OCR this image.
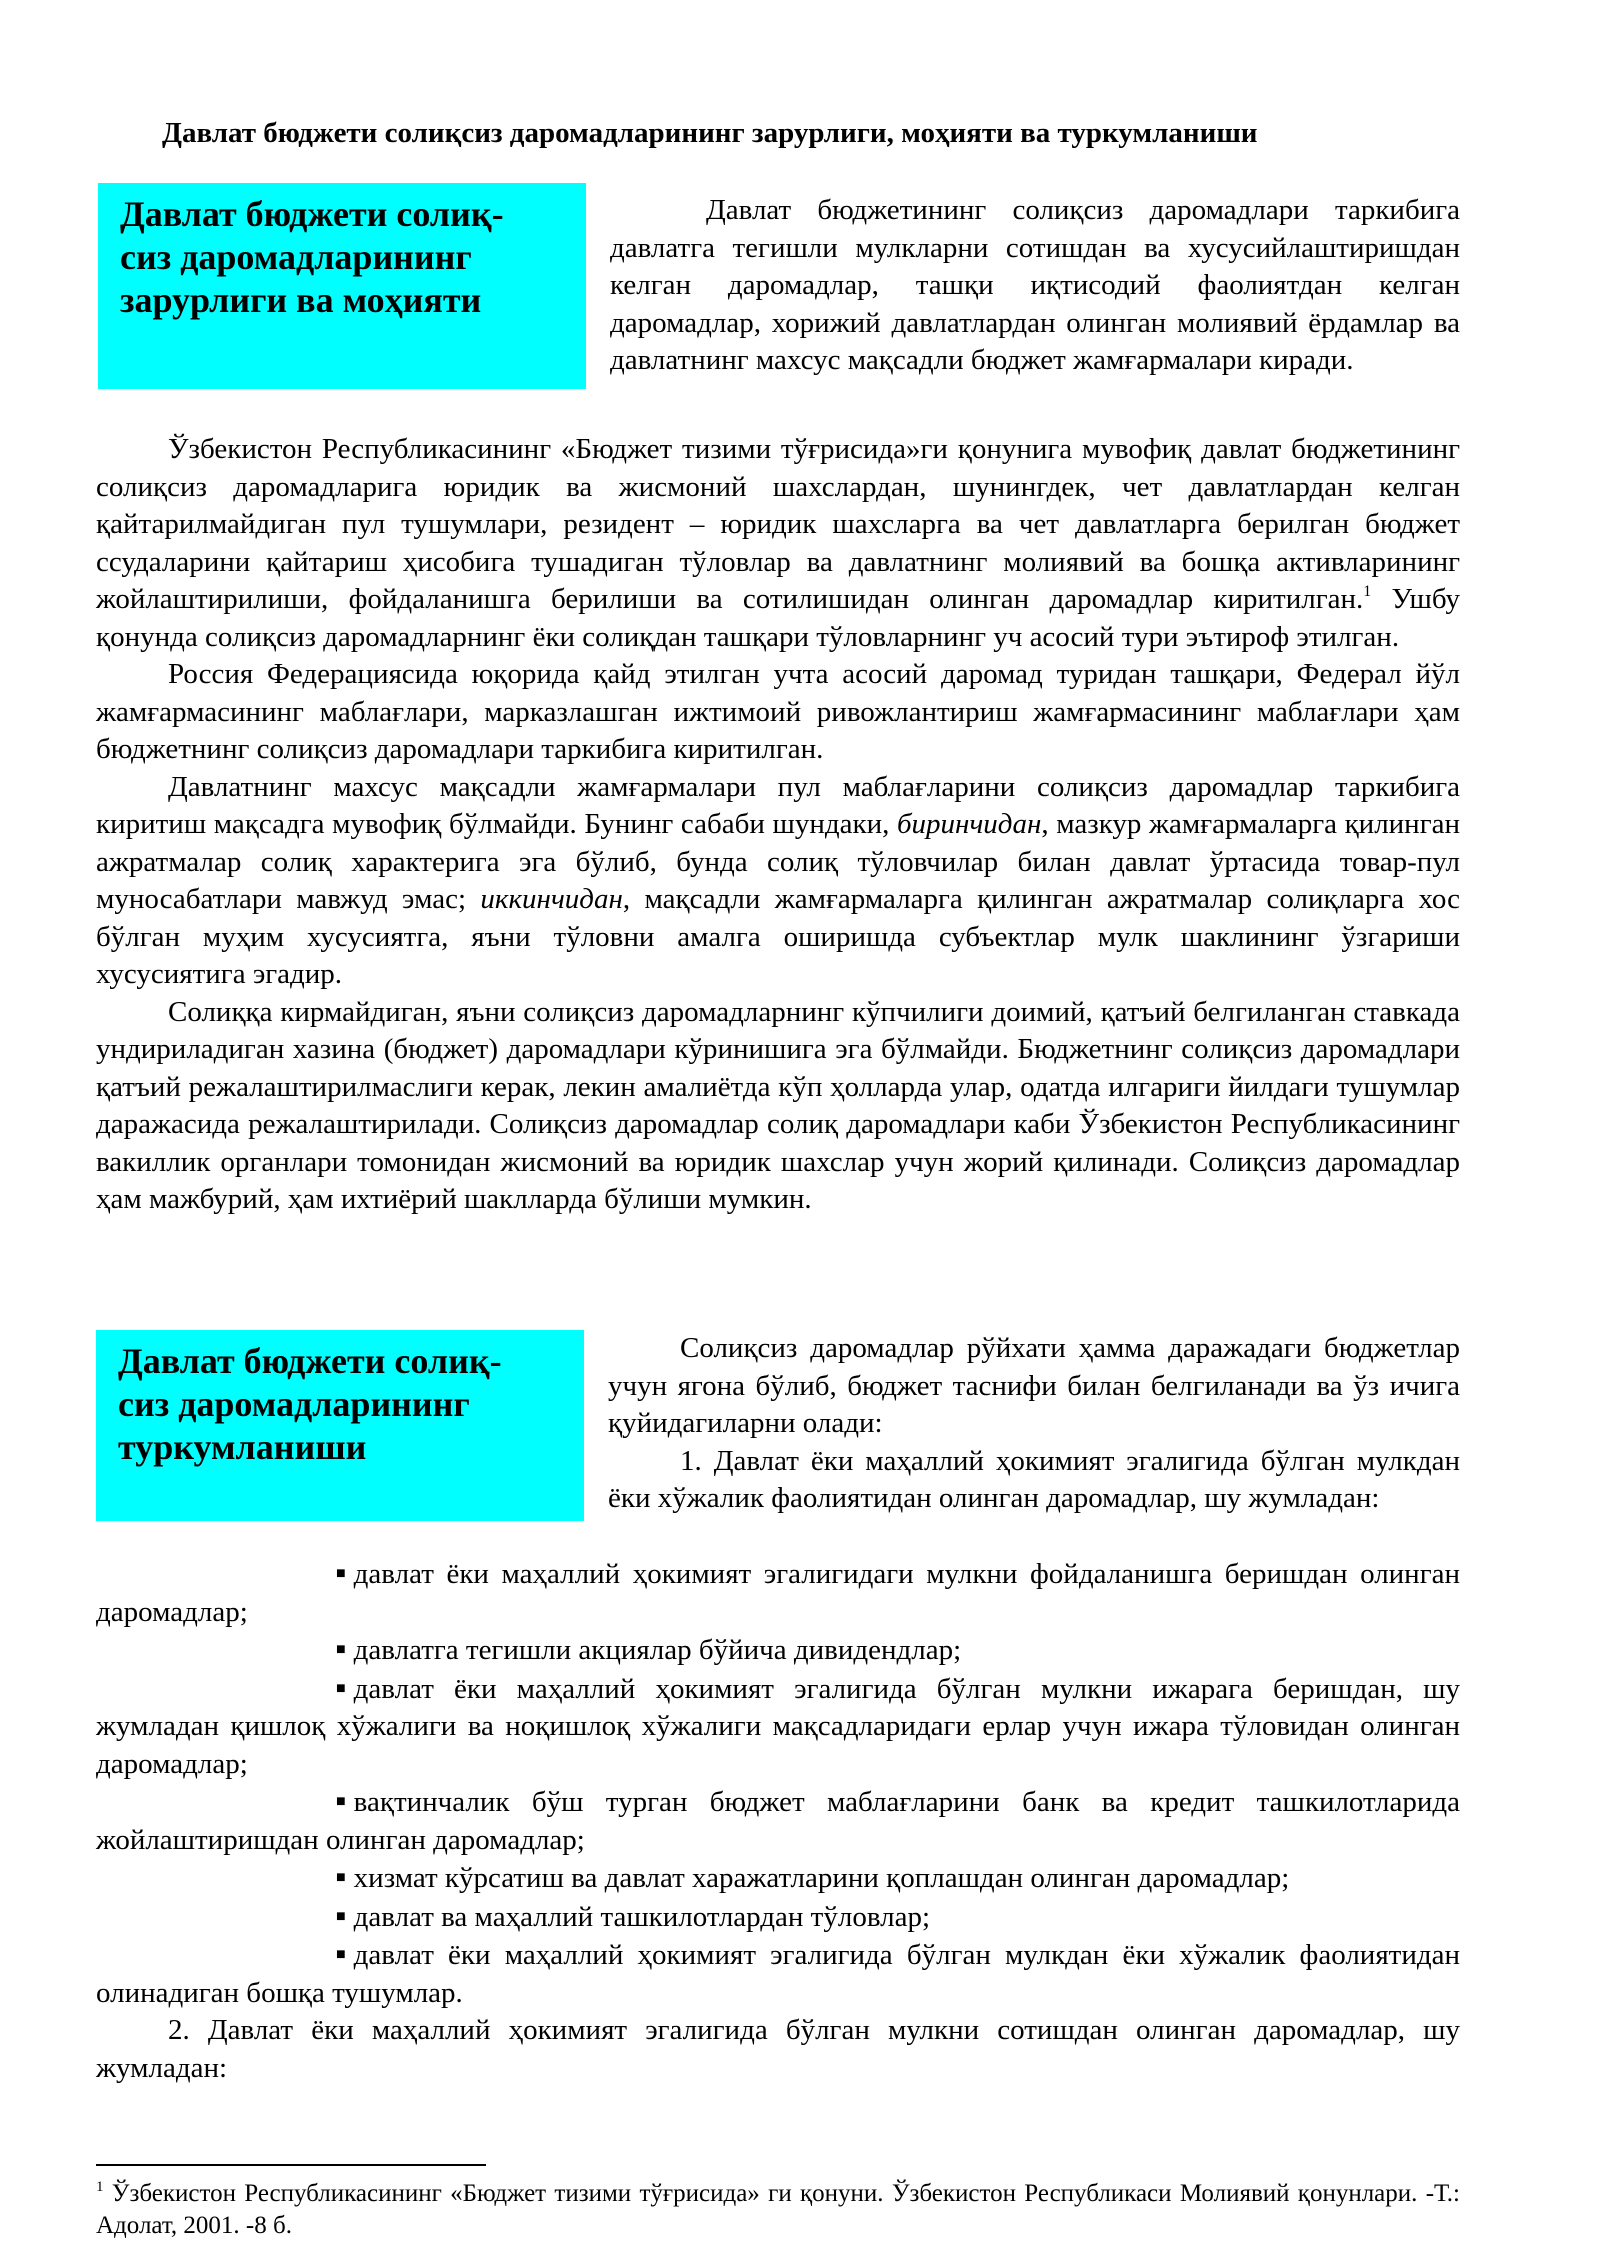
Давлат бюджети солиқсиз даромадларининг зарурлиги, моҳияти ва туркумланиши
Давлат бюджети солиқ-
сиз даромадларининг
зарурлиги ва моҳияти

Давлат бюджетининг солиқсиз даромадлари таркибига давлатга тегишли мулкларни сотишдан ва хусусийлаштиришдан келган даромадлар, ташқи иқтисодий фаолиятдан келган даромадлар, хорижий давлатлардан олинган молиявий ёрдамлар ва давлатнинг махсус мақсадли бюджет жамғармалари киради.

Ўзбекистон Республикасининг «Бюджет тизими тўғрисида»ги қонунига мувофиқ давлат бюджетининг солиқсиз даромадларига юридик ва жисмоний шахслардан, шунингдек, чет давлатлардан келган қайтарилмайдиган пул тушумлари, резидент – юридик шахсларга ва чет давлатларга берилган бюджет ссудаларини қайтариш ҳисобига тушадиган тўловлар ва давлатнинг молиявий ва бошқа активларининг жойлаштирилиши, фойдаланишга берилиши ва сотилишидан олинган даромадлар киритилган.$^1$ Ушбу қонунда солиқсиз даромадларнинг ёки солиқдан ташқари тўловларнинг уч асосий тури эътироф этилган.

Россия Федерациясида юқорида қайд этилган учта асосий даромад туридан ташқари, Федерал йўл жамғармасининг маблағлари, марказлашган ижтимоий ривожлантириш жамғармасининг маблағлари ҳам бюджетнинг солиқсиз даромадлари таркибига киритилган.

Давлатнинг махсус мақсадли жамғармалари пул маблағларини солиқсиз даромадлар таркибига киритиш мақсадга мувофиқ бўлмайди. Бунинг сабаби шундаки, биринчидан, мазкур жамғармаларга қилинган ажратмалар солиқ характерига эга бўлиб, бунда солиқ тўловчилар билан давлат ўртасида товар-пул муносабатлари мавжуд эмас; иккинчидан, мақсадли жамғармаларга қилинган ажратмалар солиқларга хос бўлган муҳим хусусиятга, яъни тўловни амалга оширишда субъектлар мулк шаклининг ўзгариши хусусиятига эгадир.

Солиққа кирмайдиган, яъни солиқсиз даромадларнинг кўпчилиги доимий, қатъий белгиланган ставкада ундириладиган хазина (бюджет) даромадлари кўринишига эга бўлмайди. Бюджетнинг солиқсиз даромадлари қатъий режалаштирилмаслиги керак, лекин амалиётда кўп ҳолларда улар, одатда илгариги йилдаги тушумлар даражасида режалаштирилади. Солиқсиз даромадлар солиқ даромадлари каби Ўзбекистон Республикасининг вакиллик органлари томонидан жисмоний ва юридик шахслар учун жорий қилинади. Солиқсиз даромадлар ҳам мажбурий, ҳам ихтиёрий шаклларда бўлиши мумкин.

Давлат бюджети солиқ-
сиз даромадларининг
туркумланиши

Солиқсиз даромадлар рўйхати ҳамма даражадаги бюджетлар учун ягона бўлиб, бюджет таснифи билан белгиланади ва ўз ичига қуйидагиларни олади:

1. Давлат ёки маҳаллий ҳокимият эгалигида бўлган мулкдан ёки хўжалик фаолиятидан олинган даромадлар, шу жумладан:

■ давлат ёки маҳаллий ҳокимият эгалигидаги мулкни фойдаланишга беришдан олинган даромадлар;

■ давлатга тегишли акциялар бўйича дивидендлар;

■ давлат ёки маҳаллий ҳокимият эгалигида бўлган мулкни ижарага беришдан, шу жумладан қишлоқ хўжалиги ва ноқишлоқ хўжалиги мақсадларидаги ерлар учун ижара тўловидан олинган даромадлар;

■ вақтинчалик бўш турган бюджет маблағларини банк ва кредит ташкилотларида жойлаштиришдан олинган даромадлар;

■ хизмат кўрсатиш ва давлат харажатларини қоплашдан олинган даромадлар;

■ давлат ва маҳаллий ташкилотлардан тўловлар;

■ давлат ёки маҳаллий ҳокимият эгалигида бўлган мулкдан ёки хўжалик фаолиятидан олинадиган бошқа тушумлар.

2. Давлат ёки маҳаллий ҳокимият эгалигида бўлган мулкни сотишдан олинган даромадлар, шу жумладан:

$^1$ Ўзбекистон Республикасининг «Бюджет тизими тўғрисида» ги қонуни. Ўзбекистон Республикаси Молиявий қонунлари. -Т.: Адолат, 2001. -8 б.
